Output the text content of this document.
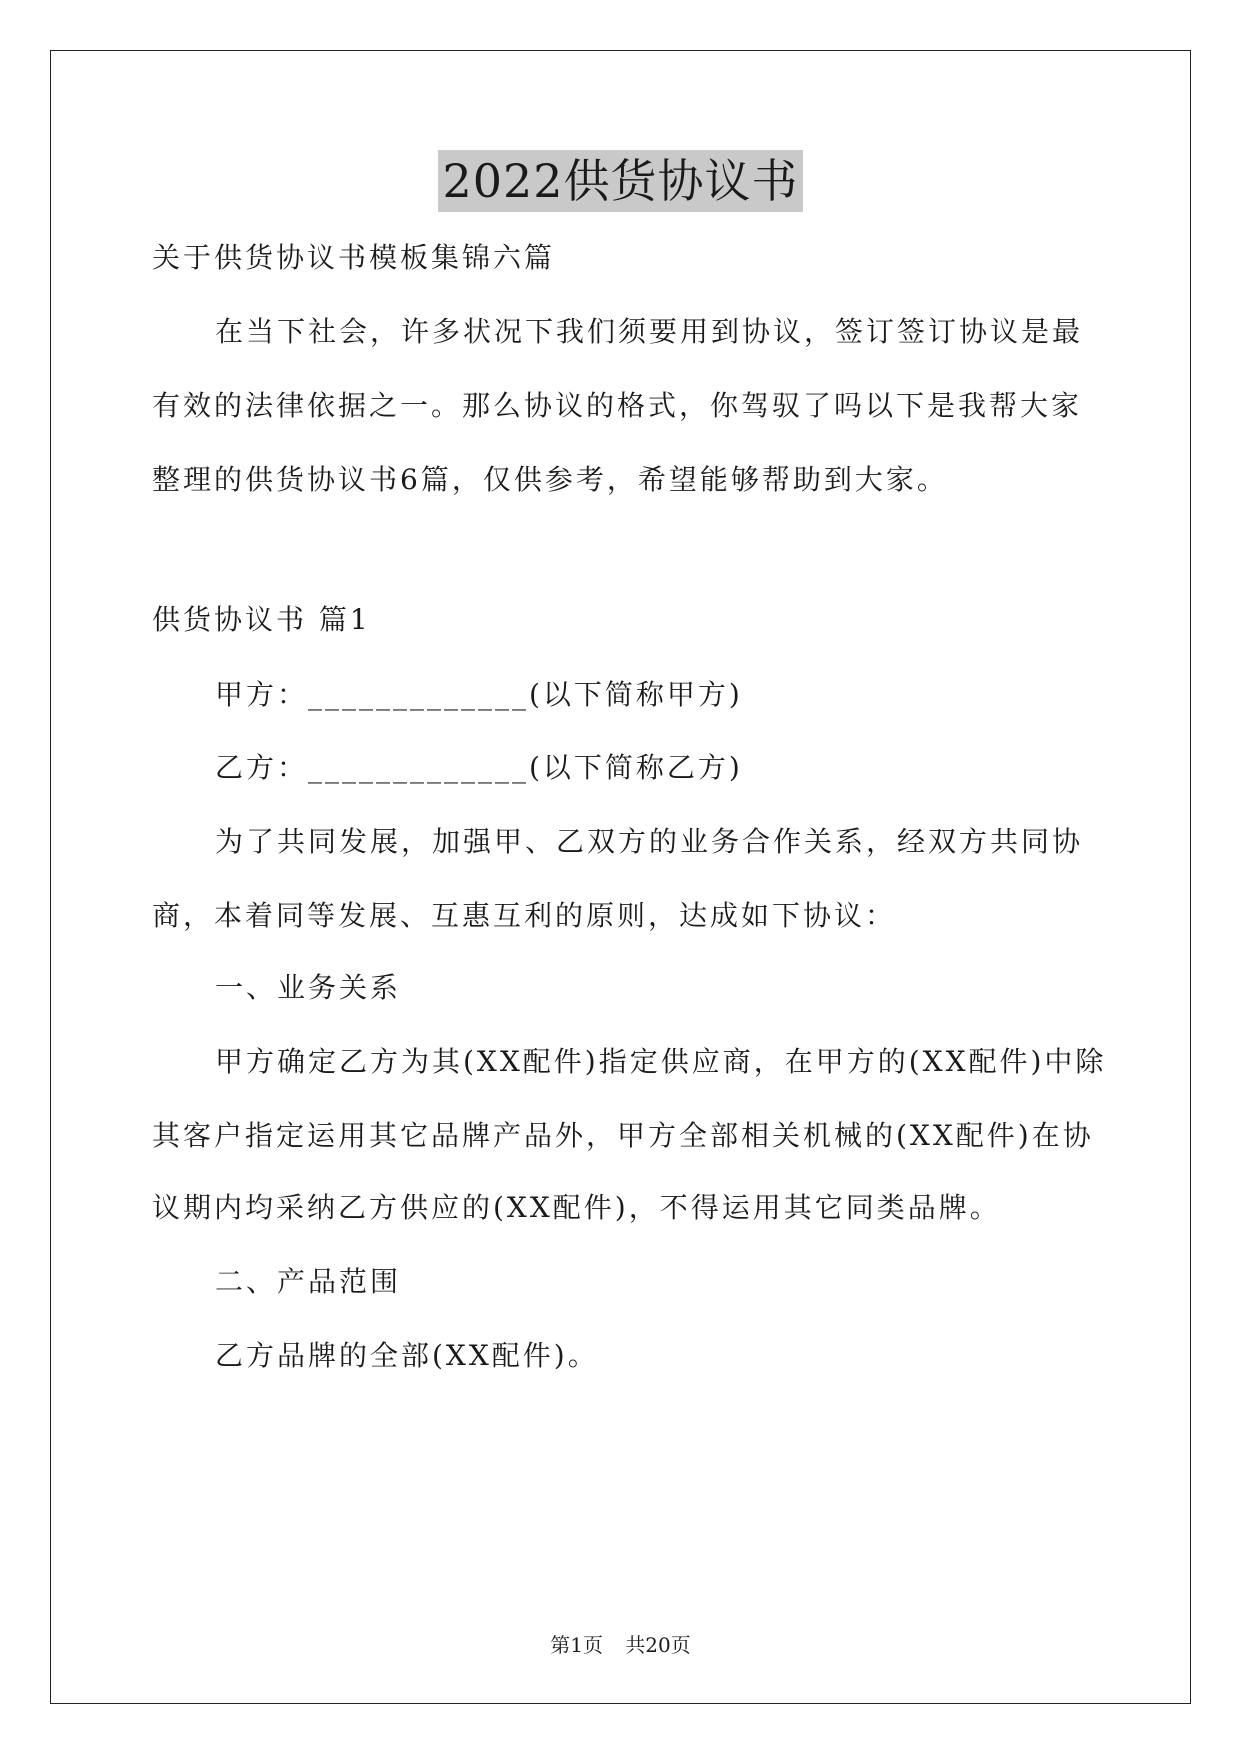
2022供货协议书
关于供货协议书模板集锦六篇
在当下社会，许多状况下我们须要用到协议，签订签订协议是最
有效的法律依据之一。那么协议的格式，你驾驭了吗以下是我帮大家
整理的供货协议书6篇，仅供参考，希望能够帮助到大家。
供货协议书 篇1
甲方：_____________(以下简称甲方)
乙方：_____________(以下简称乙方)
为了共同发展，加强甲、乙双方的业务合作关系，经双方共同协
商，本着同等发展、互惠互利的原则，达成如下协议：
一、业务关系
甲方确定乙方为其(XX配件)指定供应商，在甲方的(XX配件)中除
其客户指定运用其它品牌产品外，甲方全部相关机械的(XX配件)在协
议期内均采纳乙方供应的(XX配件)，不得运用其它同类品牌。
二、产品范围
乙方品牌的全部(XX配件)。
第1页 共20页
